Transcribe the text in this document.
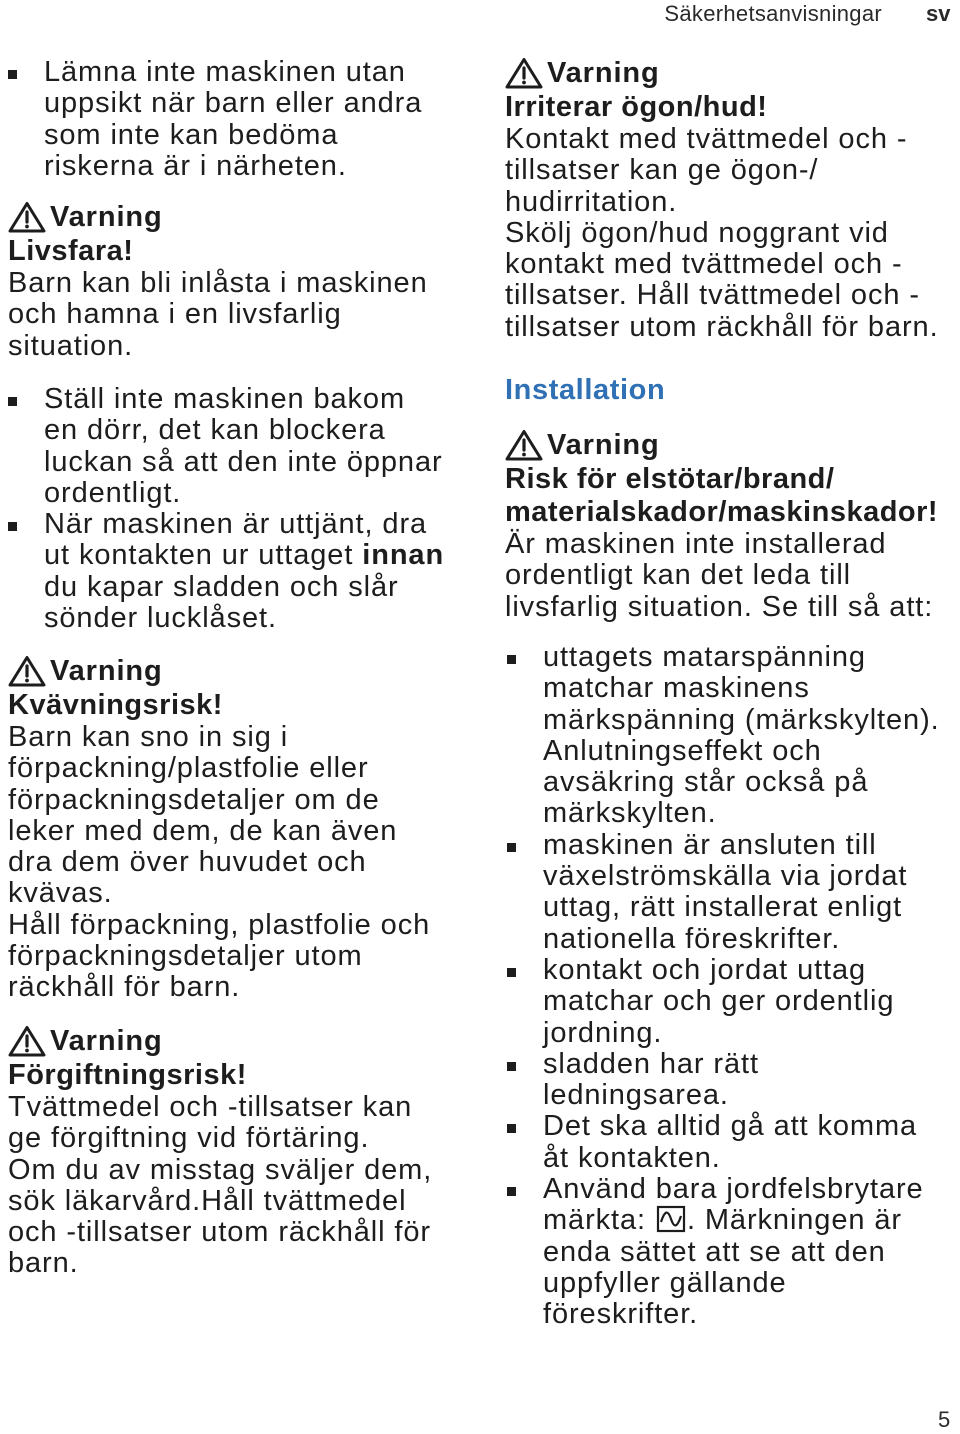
Säkerhetsanvisningar sv
Lämna inte maskinen utan
uppsikt när barn eller andra
som inte kan bedöma
riskerna är i närheten.
Varning
Livsfara!
Barn kan bli inlåsta i maskinen
och hamna i en livsfarlig
situation.
Ställ inte maskinen bakom
en dörr, det kan blockera
luckan så att den inte öppnar
ordentligt.
När maskinen är uttjänt, dra
ut kontakten ur uttaget innan
du kapar sladden och slår
sönder lucklåset.
Varning
Kvävningsrisk!
Barn kan sno in sig i
förpackning/plastfolie eller
förpackningsdetaljer om de
leker med dem, de kan även
dra dem över huvudet och
kvävas.
Håll förpackning, plastfolie och
förpackningsdetaljer utom
räckhåll för barn.
Varning
Förgiftningsrisk!
Tvättmedel och -tillsatser kan
ge förgiftning vid förtäring.
Om du av misstag sväljer dem,
sök läkarvård.Håll tvättmedel
och -tillsatser utom räckhåll för
barn.
Varning
Irriterar ögon/hud!
Kontakt med tvättmedel och -
tillsatser kan ge ögon-/
hudirritation.
Skölj ögon/hud noggrant vid
kontakt med tvättmedel och -
tillsatser. Håll tvättmedel och -
tillsatser utom räckhåll för barn.
Installation
Varning
Risk för elstötar/brand/
materialskador/maskinskador!
Är maskinen inte installerad
ordentligt kan det leda till
livsfarlig situation. Se till så att:
uttagets matarspänning
matchar maskinens
märkspänning (märkskylten).
Anlutningseffekt och
avsäkring står också på
märkskylten.
maskinen är ansluten till
växelströmskälla via jordat
uttag, rätt installerat enligt
nationella föreskrifter.
kontakt och jordat uttag
matchar och ger ordentlig
jordning.
sladden har rätt
ledningsarea.
Det ska alltid gå att komma
åt kontakten.
Använd bara jordfelsbrytare
märkta: . Märkningen är
enda sättet att se att den
uppfyller gällande
föreskrifter.
5
